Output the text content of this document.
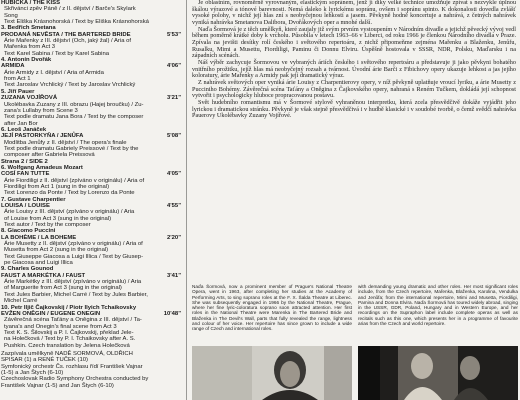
HUBICKA / THE KISS
Skřivánci zpěv Páně / z II. dějství / Barče's Skylark
Song
Text Eliška Krásnohorská / Text by Eliška Krásnohorská
3. Bedřich Smetana
PRODANÁ NEVĚSTA / THE BARTERED BRIDE	5'53"
Árie Mařenky z III. dějství (Och, jaký žal) / Aria of
Mařenka from Act 3
Text Karel Sabina / Text by Karel Sabina
4. Antonín Dvořák
ARMIDA	4'06"
Árie Armidy z I. dějství / Aria of Armida
from Act 1
Text Jaroslav Vrchlický / Text by Jaroslav Vrchlický
5. Jiří Pauer
ZUZANA VOJÍŘOVÁ	3'21"
Ukolébavka Zuzany z III. obrazu (Hajej broučku) / Zu-
zana's Lullaby from Scene 3
Text podle dramatu Jana Bora / Text by the composer
after Jan Bor
6. Leoš Janáček
JEJÍ PASTORKYŇA / JENŮFA	5'08"
Modlitba Jenůfy z II. dějství / The opera's finale
Text podle dramatu Gabriely Preissové / Text by the
composer after Gabriela Preissová
Strana 2 / SIDE 2
6. Wolfgang Amadeus Mozart
COSÍ FAN TUTTE	4'05"
Árie Fiordiligi z II. dějství (zpíváno v originálu) / Aria of
Fiordiligi from Act 1 (sung in the original)
Text Lorenzo da Ponte / Text by Lorenzo da Ponte
7. Gustave Charpentier
LOUISA / LOUISE	4'55"
Árie Louisy z III. dějství (zpíváno v originálu) / Aria
of Louise from Act 3 (sung in the original)
Text autor / Text by the composer
8. Giacomo Puccini
LA BOHÈME / LA BOHEME	2'20"
Árie Musetty z II. dějství (zpíváno v originálu) / Aria of
Musetta from Act 2 (sung in the original)
Text Giuseppe Giacosa a Luigi Illica / Text by Giusep-
pe Giacosa and Luigi Illica
9. Charles Gounod
FAUST A MARKÉTKA / FAUST	3'41"
Árie Markétky z III. dějství (zpíváno v originálu) / Aria
of Marguerite from Act 3 (sung in the original)
Text Jules Barbier, Michel Carré / Text by Jules Barbier,
Michel Carré
10. Petr Iljič Čajkovskij / Piotr Ilyich Tchaikovsky
EVŽEN ONĚGIN / EUGENE ONEGIN	10'48"
Závěrečná scéna Taťány a Oněgina z III. dějství / Ta-
tyana's and Onegin's final scene from Act 3
Text K. S. Šilovskij a P. I. Čajkovskij, překlad Jele-
na Holečková / Text by P. I. Tchaikovsky after A. S.
Pushkin. Czech translation by Jelena Holečková
Zazpívala umělkyně NADĚ SORMOVÁ, OLDŘICH
SPISAR (1) a RENÉ TUČEK (10)
Symfonický orchestr Čs. rozhlasu řídí František Vajnar
(1-5) a Jan Štych (6-10)
Czechoslovak Radio Symphony Orchestra conducted by
František Vajnar (1-5) and Jan Štych (6-10)

Je oblastním, rovnoměrně vyrovnaným, elastickým sopránem, jenž jí díky velké technice umožňuje zpívat s nezvykle úplnou škálou výrazové a tónové barevnosti. Nemá daleko k lyrickému sopránu, ovšem i sopránu spinto. K dokonalosti dovedla zvlášť vysoké polohy, v nichž její hlas zní s neobyčejnou lehkostí a jasem. Pěvkyně hodně koncertuje a nahrává, z četných nahrávek vyniká nahrávka Smetanova Dalibora, Dvořákových oper a mnohé další.

Naďa Šormová je z těch umělkyň, které zaujaly již svým prvním vystoupením v Národním divadle a jejichž pěvecký vývoj vedl během poměrně krátké doby k vrcholu. Působila v letech 1963–66 v Liberci, od roku 1966 je členkou Národního divadla v Praze. Zpívala na jevišti desítky rolí českého i světového repertoáru, z nichž připomeňme zejména Mařenku a Blaženku, Jenůfu, Rusalku, Mimi a Musettu, Fiordiligi, Paminu či Donnu Elviru. Úspěšně hostovala v SSSR, NDR, Polsku, Maďarsku i na západních scénách.

Náš výběr zachycuje Šormovou ve vybraných áriích českého i světového repertoáru a představuje ji jako pěvkyni bohatého vnitřního prožitku, jejíž hlas má neobyčejný rozsah a tvárnost. Úvodní árie Barči z Fibichovy opery ukazuje lehkost a jas jejího koloratury, árie Mařenky a Armidy pak její dramatický výraz.

Z nahrávek světových oper vyniká árie Louisy z Charpentierovy opery, v níž pěvkyně uplatňuje vroucí lyriku, a árie Musetty z Pucciniho Bohémy. Závěrečná scéna Taťány a Oněgina z Čajkovského opery, nahraná s Reném Tučkem, dokládá její schopnost vytvořit i psychologicky hluboce propracovanou postavu.

Svět hudebního romantismu má v Šormové stylově vyhraněnou interpretku, která zcela přesvědčivě dokáže vyjádřit jeho lyrickou i dramatickou stránku. Pěvkyně je však stejně přesvědčivá i v hudbě klasické i v soudobé tvorbě, o čemž svědčí nahrávka Pauerovy Ukolébavky Zuzany Vojířové.

Naďa Šormová, now a prominent member of Prague's National Theatre Opera, went in 1963, after completing her studies at the Academy of Performing Arts, to sing soprano roles at the F. X. Šalda Theatre at Liberec. She was subsequently engaged in 1966 by the National Theatre, Prague, where her fine lyric-coloratura soprano soon attracted attention. Her first roles in the National Theatre were Marenka in The Bartered Bride and Blaženka in The Devil's Wall, parts that fully revealed the range, lightness and colour of her voice. Her repertoire has since grown to include a wide range of Czech and international roles.
with demanding young dramatic and other roles. Her most significant roles include, from the Czech repertoire, Mařenka, Blaženka, Karolina, Vendulka and Jenůfa; from the international repertoire, Mimi and Musetta, Fiordiligi, Pamina and Donna Elvira. Naďa Šormová has toured widely abroad, singing in the USSR, GDR, Poland, Hungary and in Western Europe, and her recordings on the Supraphon label include complete operas as well as recitals such as this one, which presents her in a programme of favourite arias from the Czech and world repertoire.
